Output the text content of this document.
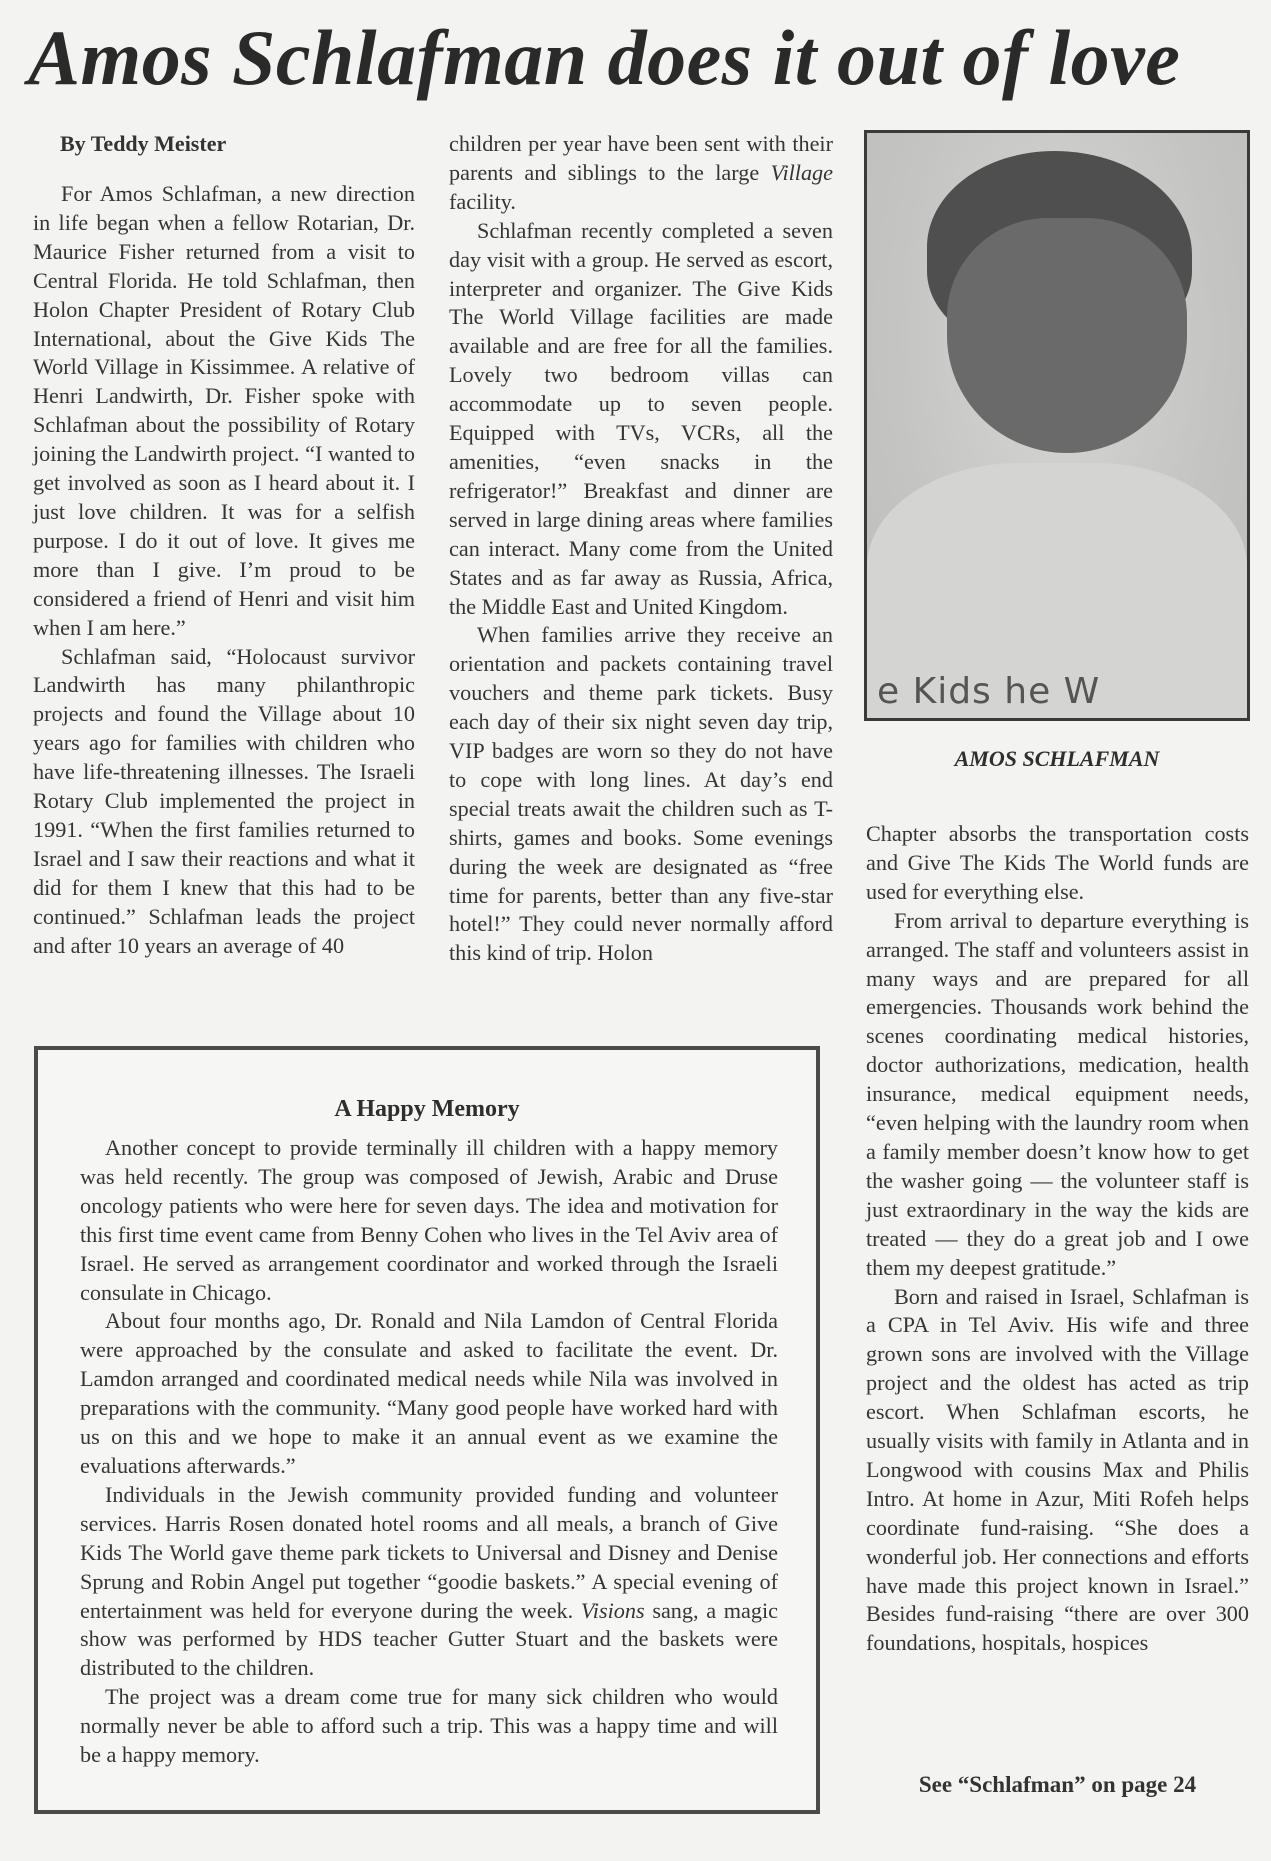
Amos Schlafman does it out of love
By Teddy Meister

For Amos Schlafman, a new direction in life began when a fellow Rotarian, Dr. Maurice Fisher returned from a visit to Central Florida. He told Schlafman, then Holon Chapter President of Rotary Club International, about the Give Kids The World Village in Kissimmee. A relative of Henri Landwirth, Dr. Fisher spoke with Schlafman about the possibility of Rotary joining the Landwirth project. “I wanted to get involved as soon as I heard about it. I just love children. It was for a selfish purpose. I do it out of love. It gives me more than I give. I’m proud to be considered a friend of Henri and visit him when I am here.”

Schlafman said, “Holocaust survivor Landwirth has many philanthropic projects and found the Village about 10 years ago for families with children who have life-threatening illnesses. The Israeli Rotary Club implemented the project in 1991. “When the first families returned to Israel and I saw their reactions and what it did for them I knew that this had to be continued.” Schlafman leads the project and after 10 years an average of 40

children per year have been sent with their parents and siblings to the large Village facility.

Schlafman recently completed a seven day visit with a group. He served as escort, interpreter and organizer. The Give Kids The World Village facilities are made available and are free for all the families. Lovely two bedroom villas can accommodate up to seven people. Equipped with TVs, VCRs, all the amenities, “even snacks in the refrigerator!” Breakfast and dinner are served in large dining areas where families can interact. Many come from the United States and as far away as Russia, Africa, the Middle East and United Kingdom.

When families arrive they receive an orientation and packets containing travel vouchers and theme park tickets. Busy each day of their six night seven day trip, VIP badges are worn so they do not have to cope with long lines. At day’s end special treats await the children such as T-shirts, games and books. Some evenings during the week are designated as “free time for parents, better than any five-star hotel!” They could never normally afford this kind of trip. Holon

e Kids he W
AMOS SCHLAFMAN

Chapter absorbs the transportation costs and Give The Kids The World funds are used for everything else.

From arrival to departure everything is arranged. The staff and volunteers assist in many ways and are prepared for all emergencies. Thousands work behind the scenes coordinating medical histories, doctor authorizations, medication, health insurance, medical equipment needs, “even helping with the laundry room when a family member doesn’t know how to get the washer going — the volunteer staff is just extraordinary in the way the kids are treated — they do a great job and I owe them my deepest gratitude.”

Born and raised in Israel, Schlafman is a CPA in Tel Aviv. His wife and three grown sons are involved with the Village project and the oldest has acted as trip escort. When Schlafman escorts, he usually visits with family in Atlanta and in Longwood with cousins Max and Philis Intro. At home in Azur, Miti Rofeh helps coordinate fund-raising. “She does a wonderful job. Her connections and efforts have made this project known in Israel.” Besides fund-raising “there are over 300 foundations, hospitals, hospices

See “Schlafman” on page 24
A Happy Memory

Another concept to provide terminally ill children with a happy memory was held recently. The group was composed of Jewish, Arabic and Druse oncology patients who were here for seven days. The idea and motivation for this first time event came from Benny Cohen who lives in the Tel Aviv area of Israel. He served as arrangement coordinator and worked through the Israeli consulate in Chicago.

About four months ago, Dr. Ronald and Nila Lamdon of Central Florida were approached by the consulate and asked to facilitate the event. Dr. Lamdon arranged and coordinated medical needs while Nila was involved in preparations with the community. “Many good people have worked hard with us on this and we hope to make it an annual event as we examine the evaluations afterwards.”

Individuals in the Jewish community provided funding and volunteer services. Harris Rosen donated hotel rooms and all meals, a branch of Give Kids The World gave theme park tickets to Universal and Disney and Denise Sprung and Robin Angel put together “goodie baskets.” A special evening of entertainment was held for everyone during the week. Visions sang, a magic show was performed by HDS teacher Gutter Stuart and the baskets were distributed to the children.

The project was a dream come true for many sick children who would normally never be able to afford such a trip. This was a happy time and will be a happy memory.
